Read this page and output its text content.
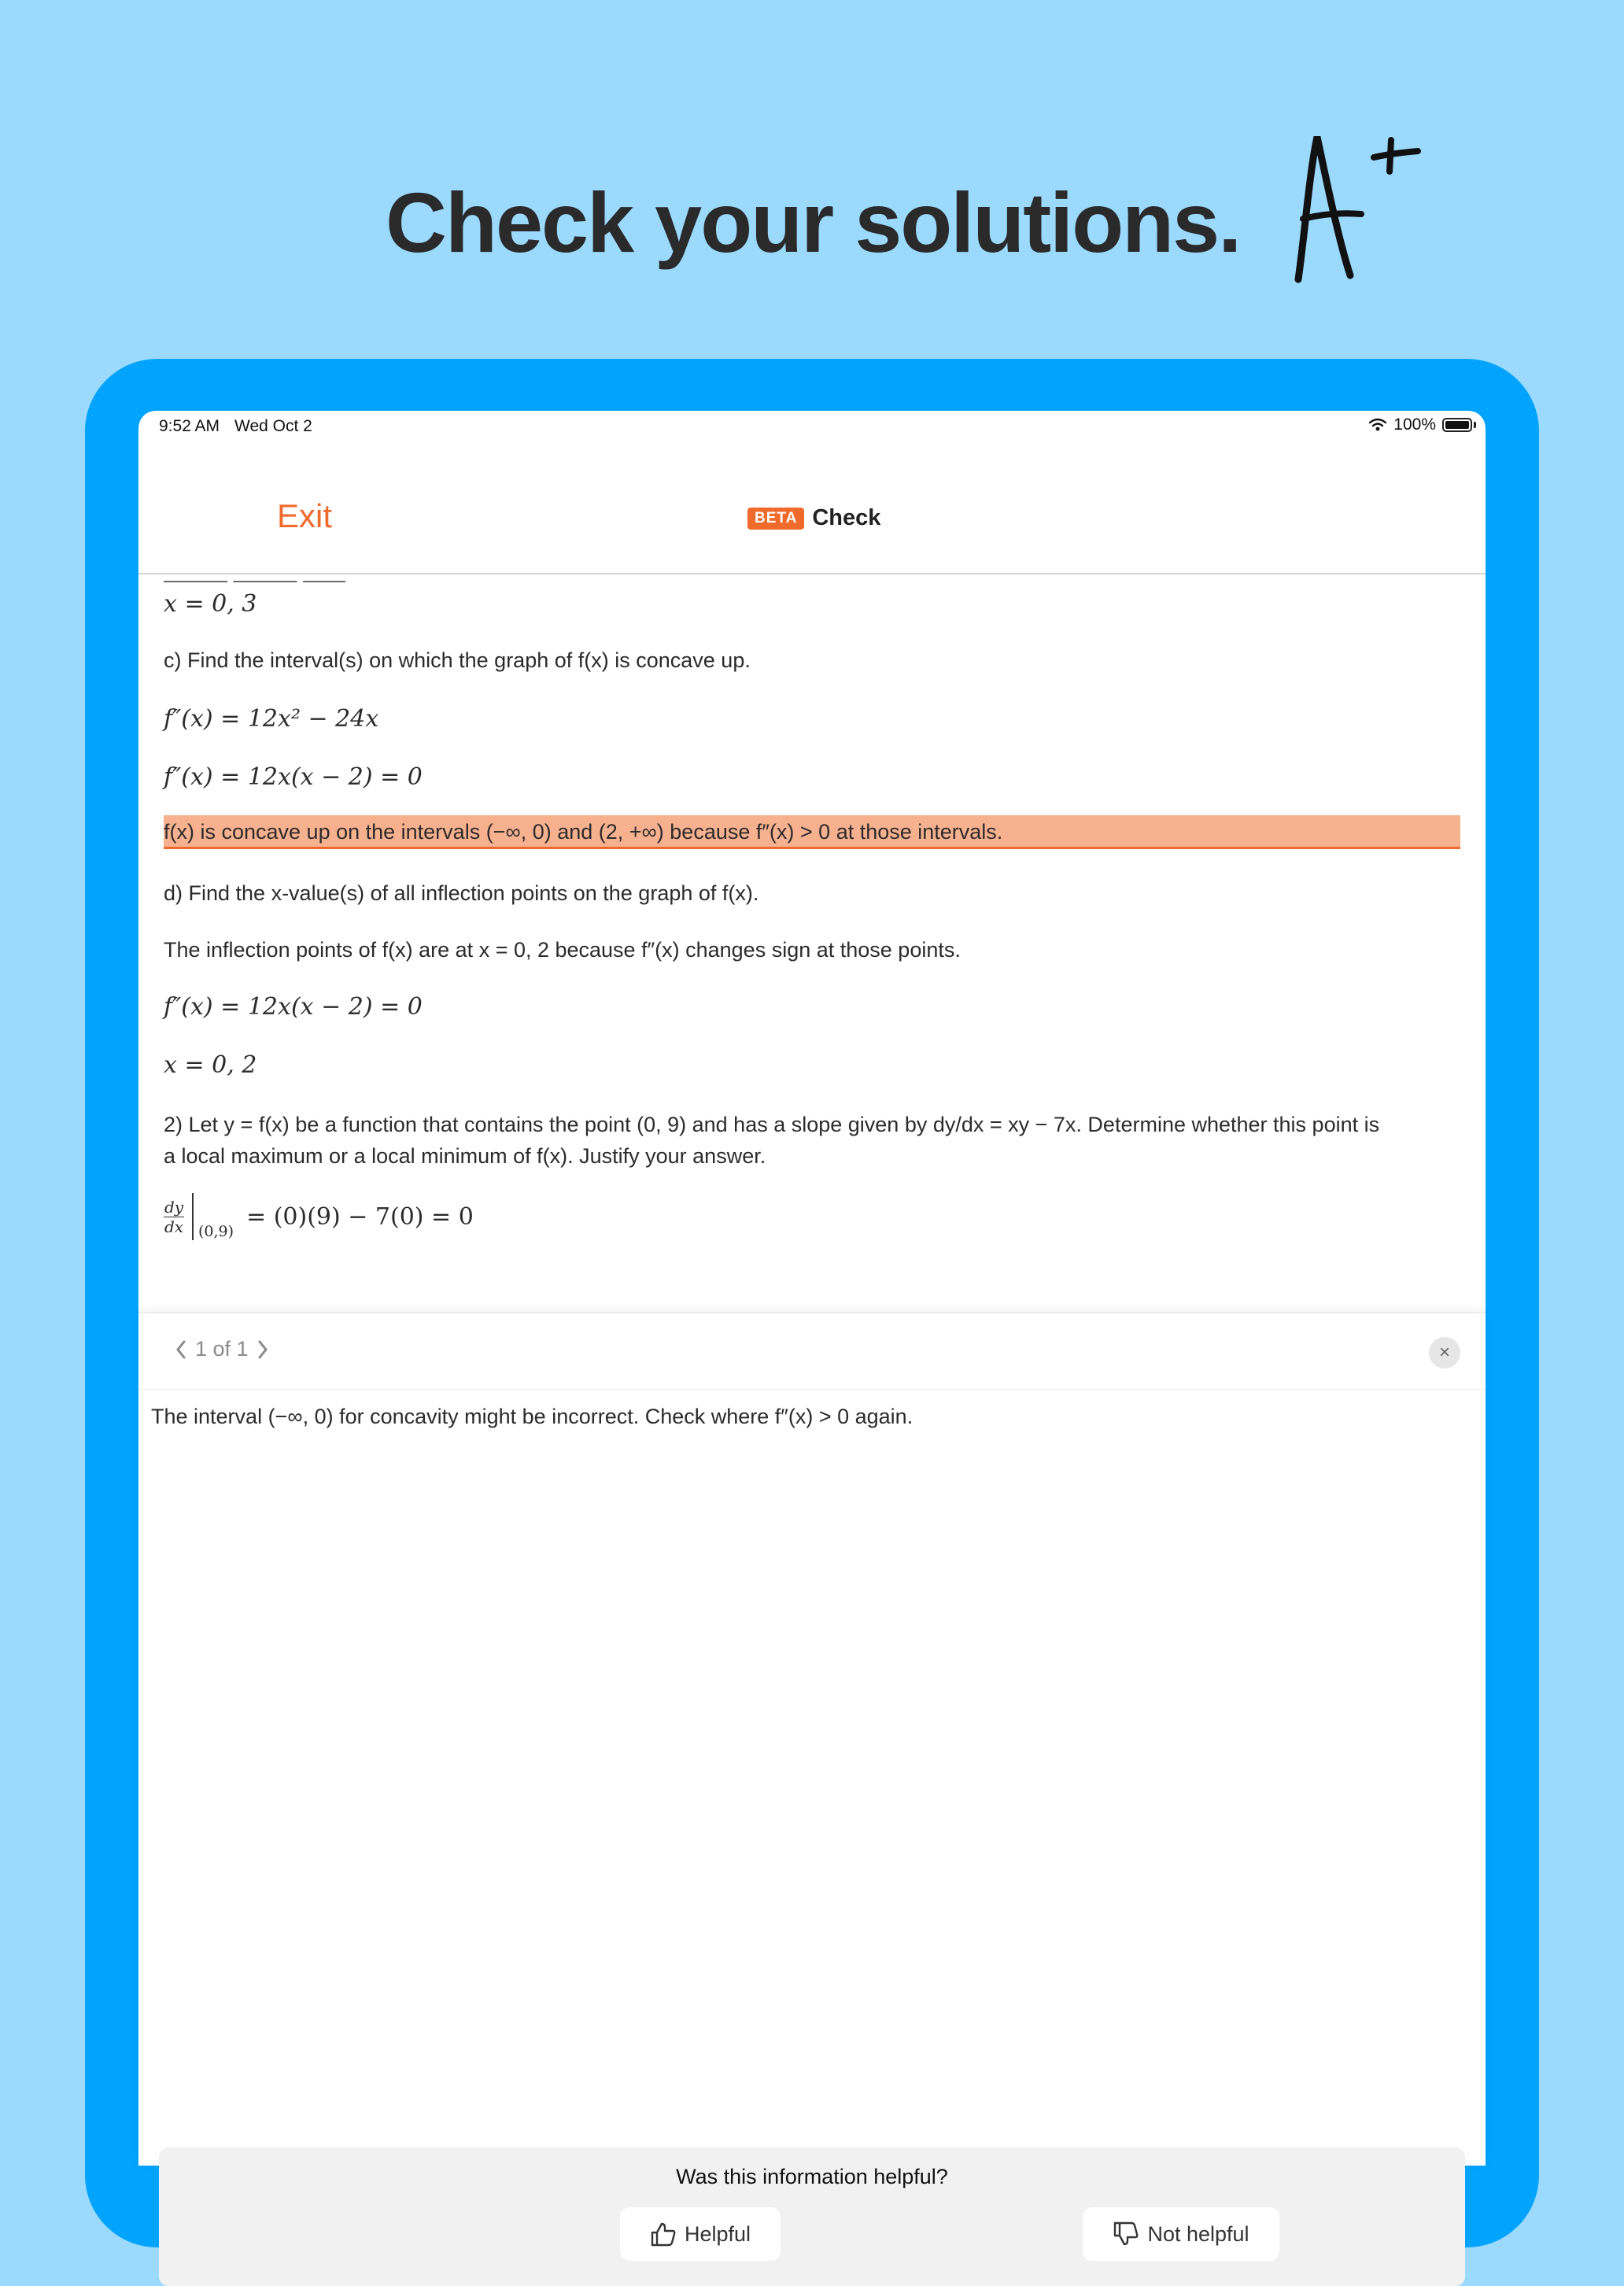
Check your solutions.
9:52 AM Wed Oct 2	100%
Exit	BETA Check
——— ——— ——
x = 0, 3
c) Find the interval(s) on which the graph of f(x) is concave up.
f″(x) = 12x² − 24x
f″(x) = 12x(x − 2) = 0
f(x) is concave up on the intervals (−∞, 0) and (2, +∞) because f″(x) > 0 at those intervals.
d) Find the x-value(s) of all inflection points on the graph of f(x).
The inflection points of f(x) are at x = 0, 2 because f″(x) changes sign at those points.
f″(x) = 12x(x − 2) = 0
x = 0, 2
2) Let y = f(x) be a function that contains the point (0, 9) and has a slope given by dy/dx = xy − 7x. Determine whether this point is
a local maximum or a local minimum of f(x). Justify your answer.
dy
dx (0,9)
= (0)(9) − 7(0) = 0
1 of 1	×
The interval (−∞, 0) for concavity might be incorrect. Check where f″(x) > 0 again.
Was this information helpful?
Helpful	Not helpful
